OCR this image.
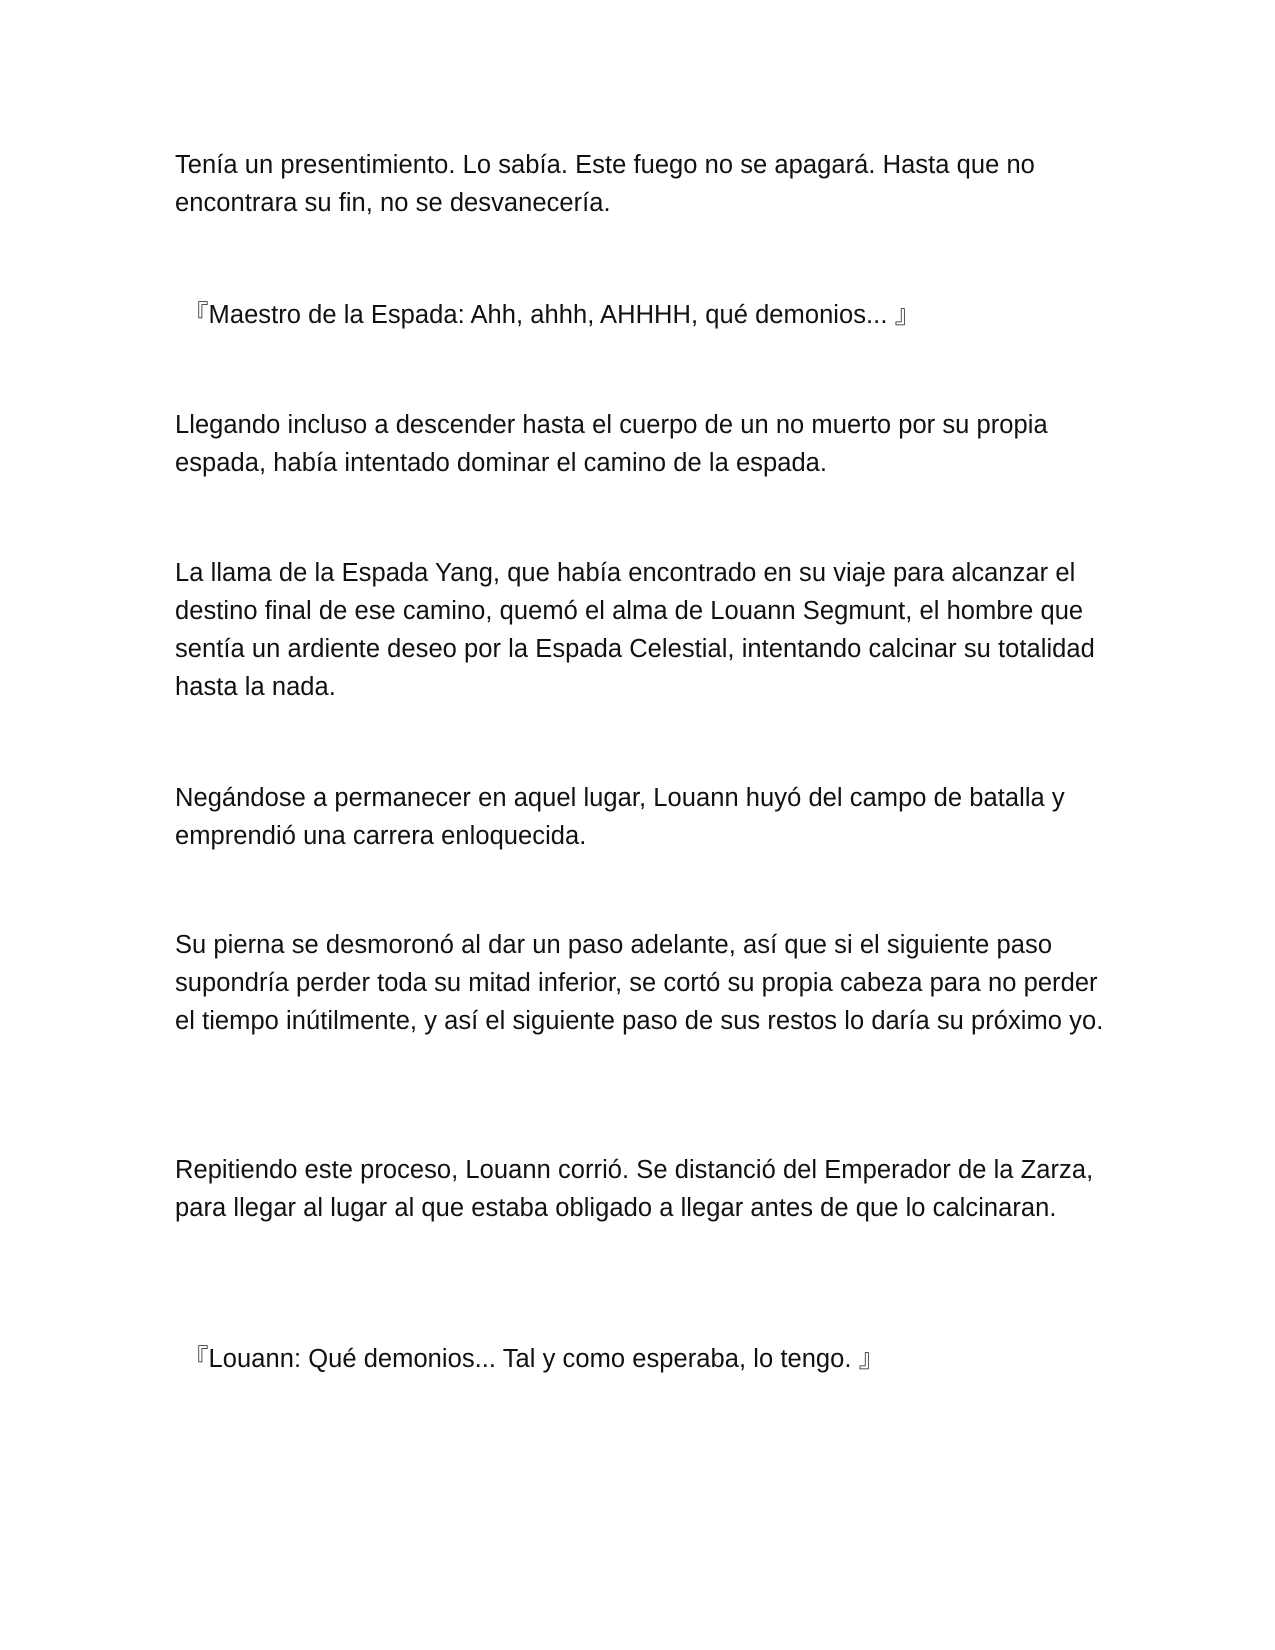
Tenía un presentimiento. Lo sabía. Este fuego no se apagará. Hasta que no encontrara su fin, no se desvanecería.

『Maestro de la Espada: Ahh, ahhh, AHHHH, qué demonios... 』

Llegando incluso a descender hasta el cuerpo de un no muerto por su propia espada, había intentado dominar el camino de la espada.

La llama de la Espada Yang, que había encontrado en su viaje para alcanzar el destino final de ese camino, quemó el alma de Louann Segmunt, el hombre que sentía un ardiente deseo por la Espada Celestial, intentando calcinar su totalidad hasta la nada.

Negándose a permanecer en aquel lugar, Louann huyó del campo de batalla y emprendió una carrera enloquecida.

Su pierna se desmoronó al dar un paso adelante, así que si el siguiente paso supondría perder toda su mitad inferior, se cortó su propia cabeza para no perder el tiempo inútilmente, y así el siguiente paso de sus restos lo daría su próximo yo.

Repitiendo este proceso, Louann corrió. Se distanció del Emperador de la Zarza, para llegar al lugar al que estaba obligado a llegar antes de que lo calcinaran.

『Louann: Qué demonios... Tal y como esperaba, lo tengo. 』
